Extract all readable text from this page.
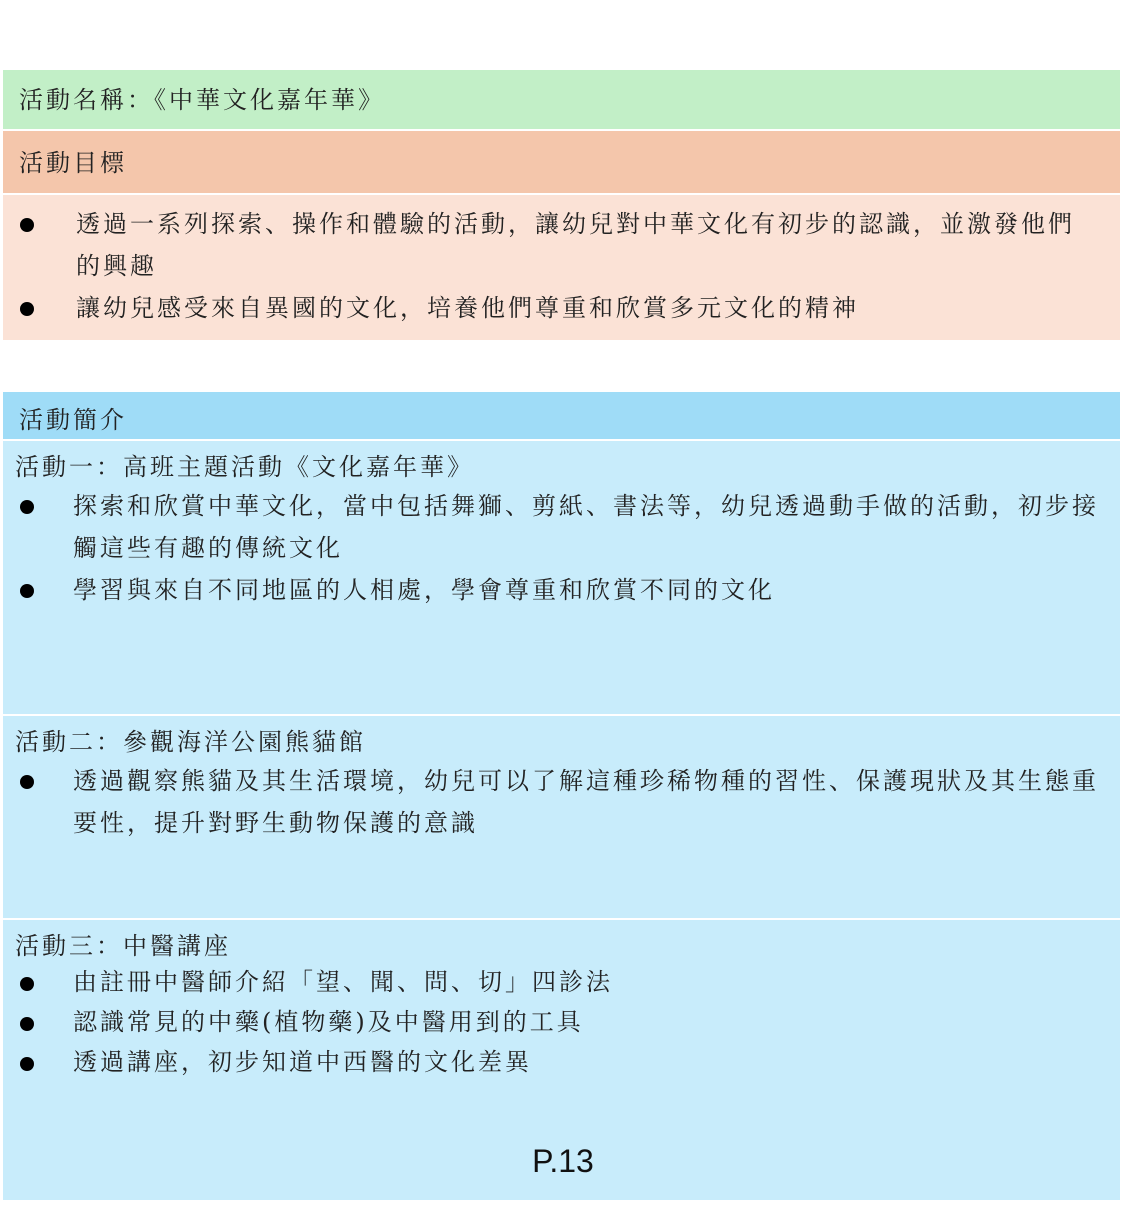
活動名稱：《中華文化嘉年華》
活動目標
透過一系列探索、操作和體驗的活動，讓幼兒對中華文化有初步的認識，並激發他們的興趣
讓幼兒感受來自異國的文化，培養他們尊重和欣賞多元文化的精神
活動簡介
活動一：高班主題活動《文化嘉年華》
探索和欣賞中華文化，當中包括舞獅、剪紙、書法等，幼兒透過動手做的活動，初步接觸這些有趣的傳統文化
學習與來自不同地區的人相處，學會尊重和欣賞不同的文化
活動二：參觀海洋公園熊貓館
透過觀察熊貓及其生活環境，幼兒可以了解這種珍稀物種的習性、保護現狀及其生態重要性，提升對野生動物保護的意識
活動三：中醫講座
由註冊中醫師介紹「望、聞、問、切」四診法
認識常見的中藥(植物藥)及中醫用到的工具
透過講座，初步知道中西醫的文化差異
P.13
